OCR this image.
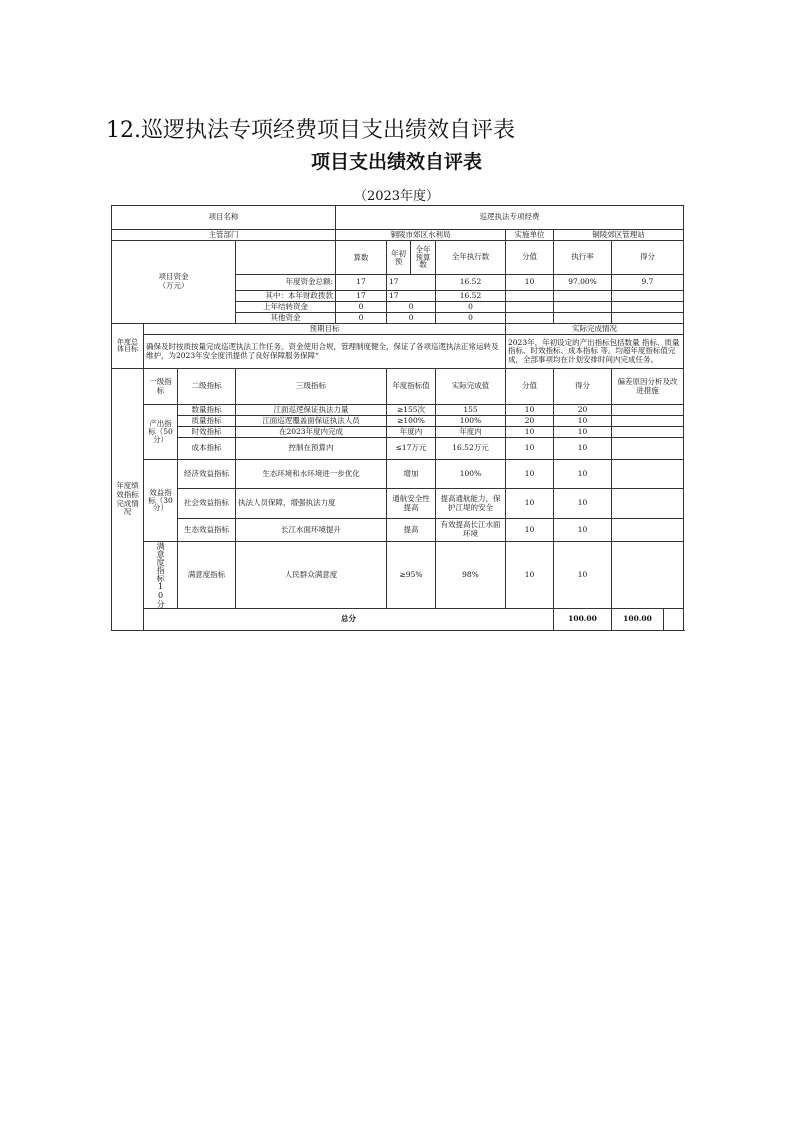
12.巡逻执法专项经费项目支出绩效自评表
项目支出绩效自评表
（2023年度）
项目名称				巡逻执法专项经费							
主管部门				铜陵市郊区水利局				实施单位	铜陵郊区管理站		
项目资金
（万元）				算数	年初预	全年预算数	全年执行数	分值	执行率	得分	
			年度资金总额:	17	17		16.52	10	97.00%	9.7	
			其中：本年财政拨款	17	17		16.52				
			上年结转资金	0	0		0				
			其他资金	0	0		0				
年度总体目标	预期目标							实际完成情况			
	确保及时按质按量完成巡逻执法工作任务。资金使用合规，管理制度健全，保证了各项巡逻执法正常运转及维护，为2023年安全度汛提供了良好保障服务保障“							2023年，年初设定的产出指标包括数量 指标、质量指标、时效指标、成本指标 等。均超年度指标值完成，全部事项均在计划安排时间内完成任务。			
年度绩效指标完成情况	一级指标	二级指标	三级指标		年度指标值		实际完成值	分值	得分	偏差原因分析及改进措施	
	产出指标（50分）	数量指标	江面巡逻保证执法力量		≥155次		155	10	20		
		质量指标	江面巡逻覆盖面保证执法人员		≥100%		100%	20	10		
		时效指标	在2023年度内完成		年度内		年度内	10	10		
		成本指标	控制在预算内		≤17万元		16.52万元	10	10		
	效益指标（30分）	经济效益指标	生态环境和水环境进一步优化		增加		100%	10	10		
		社会效益指标	执法人员保障，增强执法力度		通航安全性提高		提高通航能力，保护江堤的安全	10	10		
		生态效益指标	长江水面环境提升		提高		有效提高长江水面环境	10	10		
	满意度指标10分	满意度指标	人民群众满意度		≥95%		98%	10	10		
	总分								100.00	100.00	
